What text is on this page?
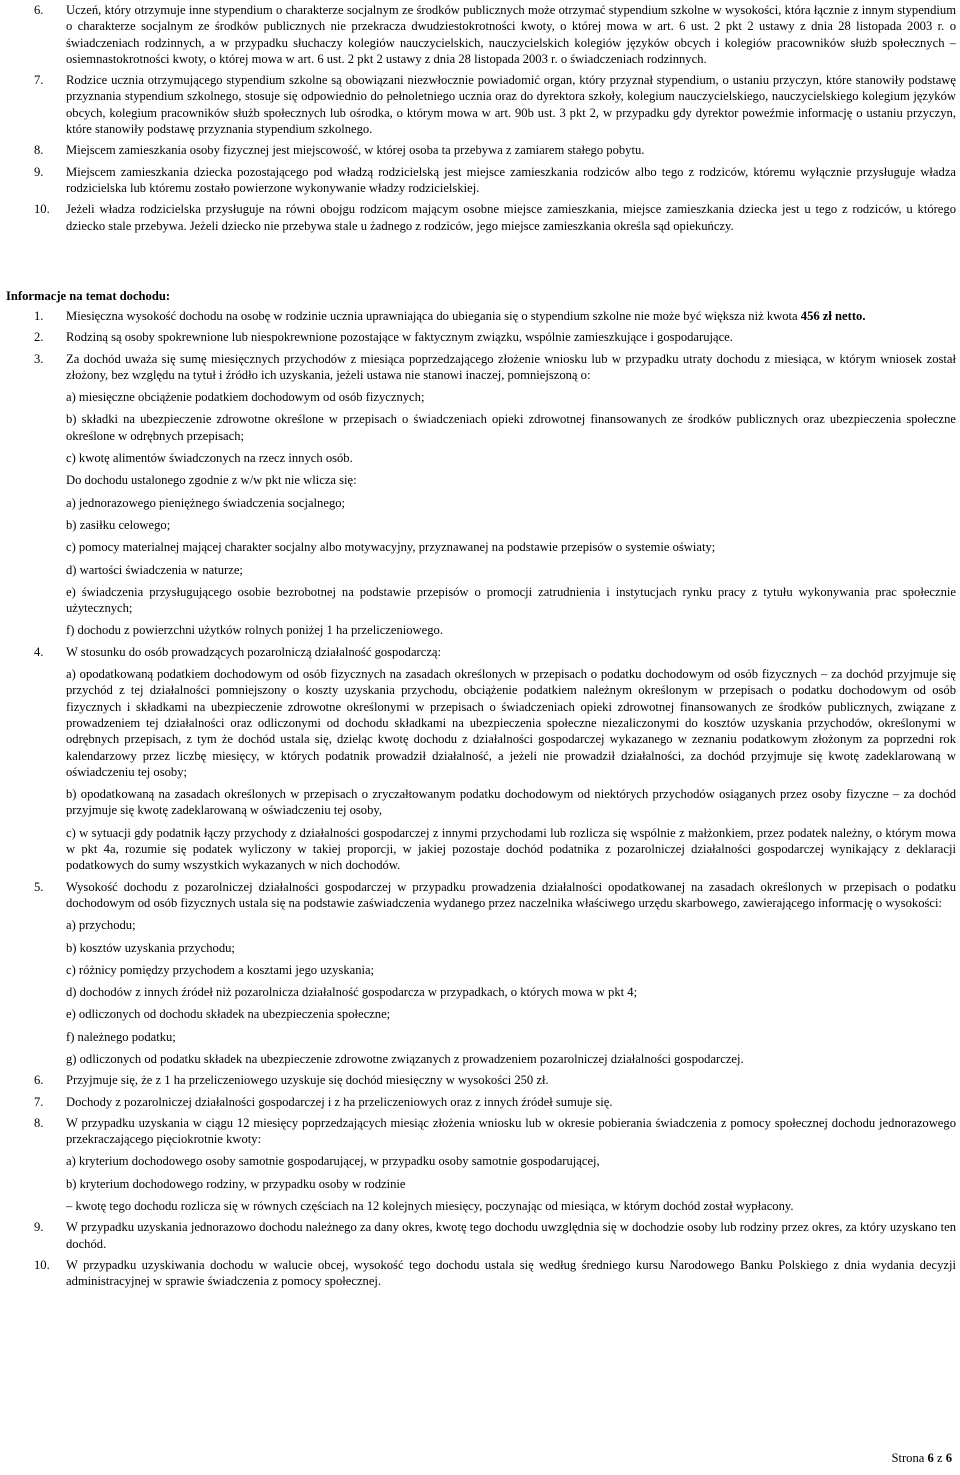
6. Uczeń, który otrzymuje inne stypendium o charakterze socjalnym ze środków publicznych może otrzymać stypendium szkolne w wysokości, która łącznie z innym stypendium o charakterze socjalnym ze środków publicznych nie przekracza dwudziestokrotności kwoty, o której mowa w art. 6 ust. 2 pkt 2 ustawy z dnia 28 listopada 2003 r. o świadczeniach rodzinnych, a w przypadku słuchaczy kolegiów nauczycielskich, nauczycielskich kolegiów języków obcych i kolegiów pracowników służb społecznych – osiemnastokrotności kwoty, o której mowa w art. 6 ust. 2 pkt 2 ustawy z dnia 28 listopada 2003 r. o świadczeniach rodzinnych.
7. Rodzice ucznia otrzymującego stypendium szkolne są obowiązani niezwłocznie powiadomić organ, który przyznał stypendium, o ustaniu przyczyn, które stanowiły podstawę przyznania stypendium szkolnego, stosuje się odpowiednio do pełnoletniego ucznia oraz do dyrektora szkoły, kolegium nauczycielskiego, nauczycielskiego kolegium języków obcych, kolegium pracowników służb społecznych lub ośrodka, o którym mowa w art. 90b ust. 3 pkt 2, w przypadku gdy dyrektor poweźmie informację o ustaniu przyczyn, które stanowiły podstawę przyznania stypendium szkolnego.
8. Miejscem zamieszkania osoby fizycznej jest miejscowość, w której osoba ta przebywa z zamiarem stałego pobytu.
9. Miejscem zamieszkania dziecka pozostającego pod władzą rodzicielską jest miejsce zamieszkania rodziców albo tego z rodziców, któremu wyłącznie przysługuje władza rodzicielska lub któremu zostało powierzone wykonywanie władzy rodzicielskiej.
10. Jeżeli władza rodzicielska przysługuje na równi obojgu rodzicom mającym osobne miejsce zamieszkania, miejsce zamieszkania dziecka jest u tego z rodziców, u którego dziecko stale przebywa. Jeżeli dziecko nie przebywa stale u żadnego z rodziców, jego miejsce zamieszkania określa sąd opiekuńczy.
Informacje na temat dochodu:
1. Miesięczna wysokość dochodu na osobę w rodzinie ucznia uprawniająca do ubiegania się o stypendium szkolne nie może być większa niż kwota 456 zł netto.
2. Rodziną są osoby spokrewnione lub niespokrewnione pozostające w faktycznym związku, wspólnie zamieszkujące i gospodarujące.
3. Za dochód uważa się sumę miesięcznych przychodów z miesiąca poprzedzającego złożenie wniosku lub w przypadku utraty dochodu z miesiąca, w którym wniosek został złożony, bez względu na tytuł i źródło ich uzyskania, jeżeli ustawa nie stanowi inaczej, pomniejszoną o:
a) miesięczne obciążenie podatkiem dochodowym od osób fizycznych;
b) składki na ubezpieczenie zdrowotne określone w przepisach o świadczeniach opieki zdrowotnej finansowanych ze środków publicznych oraz ubezpieczenia społeczne określone w odrębnych przepisach;
c) kwotę alimentów świadczonych na rzecz innych osób.
Do dochodu ustalonego zgodnie z w/w pkt nie wlicza się:
a) jednorazowego pieniężnego świadczenia socjalnego;
b) zasiłku celowego;
c) pomocy materialnej mającej charakter socjalny albo motywacyjny, przyznawanej na podstawie przepisów o systemie oświaty;
d) wartości świadczenia w naturze;
e) świadczenia przysługującego osobie bezrobotnej na podstawie przepisów o promocji zatrudnienia i instytucjach rynku pracy z tytułu wykonywania prac społecznie użytecznych;
f) dochodu z powierzchni użytków rolnych poniżej 1 ha przeliczeniowego.
4. W stosunku do osób prowadzących pozarolniczą działalność gospodarczą:
a) opodatkowaną podatkiem dochodowym od osób fizycznych na zasadach określonych w przepisach o podatku dochodowym od osób fizycznych – za dochód przyjmuje się przychód z tej działalności pomniejszony o koszty uzyskania przychodu, obciążenie podatkiem należnym określonym w przepisach o podatku dochodowym od osób fizycznych i składkami na ubezpieczenie zdrowotne określonymi w przepisach o świadczeniach opieki zdrowotnej finansowanych ze środków publicznych, związane z prowadzeniem tej działalności oraz odliczonymi od dochodu składkami na ubezpieczenia społeczne niezaliczonymi do kosztów uzyskania przychodów, określonymi w odrębnych przepisach, z tym że dochód ustala się, dzieląc kwotę dochodu z działalności gospodarczej wykazanego w zeznaniu podatkowym złożonym za poprzedni rok kalendarzowy przez liczbę miesięcy, w których podatnik prowadził działalność, a jeżeli nie prowadził działalności, za dochód przyjmuje się kwotę zadeklarowaną w oświadczeniu tej osoby;
b) opodatkowaną na zasadach określonych w przepisach o zryczałtowanym podatku dochodowym od niektórych przychodów osiąganych przez osoby fizyczne – za dochód przyjmuje się kwotę zadeklarowaną w oświadczeniu tej osoby,
c) w sytuacji gdy podatnik łączy przychody z działalności gospodarczej z innymi przychodami lub rozlicza się wspólnie z małżonkiem, przez podatek należny, o którym mowa w pkt 4a, rozumie się podatek wyliczony w takiej proporcji, w jakiej pozostaje dochód podatnika z pozarolniczej działalności gospodarczej wynikający z deklaracji podatkowych do sumy wszystkich wykazanych w nich dochodów.
5. Wysokość dochodu z pozarolniczej działalności gospodarczej w przypadku prowadzenia działalności opodatkowanej na zasadach określonych w przepisach o podatku dochodowym od osób fizycznych ustala się na podstawie zaświadczenia wydanego przez naczelnika właściwego urzędu skarbowego, zawierającego informację o wysokości:
a) przychodu;
b) kosztów uzyskania przychodu;
c) różnicy pomiędzy przychodem a kosztami jego uzyskania;
d) dochodów z innych źródeł niż pozarolnicza działalność gospodarcza w przypadkach, o których mowa w pkt 4;
e) odliczonych od dochodu składek na ubezpieczenia społeczne;
f) należnego podatku;
g) odliczonych od podatku składek na ubezpieczenie zdrowotne związanych z prowadzeniem pozarolniczej działalności gospodarczej.
6. Przyjmuje się, że z 1 ha przeliczeniowego uzyskuje się dochód miesięczny w wysokości 250 zł.
7. Dochody z pozarolniczej działalności gospodarczej i z ha przeliczeniowych oraz z innych źródeł sumuje się.
8. W przypadku uzyskania w ciągu 12 miesięcy poprzedzających miesiąc złożenia wniosku lub w okresie pobierania świadczenia z pomocy społecznej dochodu jednorazowego przekraczającego pięciokrotnie kwoty:
a) kryterium dochodowego osoby samotnie gospodarującej, w przypadku osoby samotnie gospodarującej,
b) kryterium dochodowego rodziny, w przypadku osoby w rodzinie
– kwotę tego dochodu rozlicza się w równych częściach na 12 kolejnych miesięcy, poczynając od miesiąca, w którym dochód został wypłacony.
9. W przypadku uzyskania jednorazowo dochodu należnego za dany okres, kwotę tego dochodu uwzględnia się w dochodzie osoby lub rodziny przez okres, za który uzyskano ten dochód.
10. W przypadku uzyskiwania dochodu w walucie obcej, wysokość tego dochodu ustala się według średniego kursu Narodowego Banku Polskiego z dnia wydania decyzji administracyjnej w sprawie świadczenia z pomocy społecznej.
Strona 6 z 6
